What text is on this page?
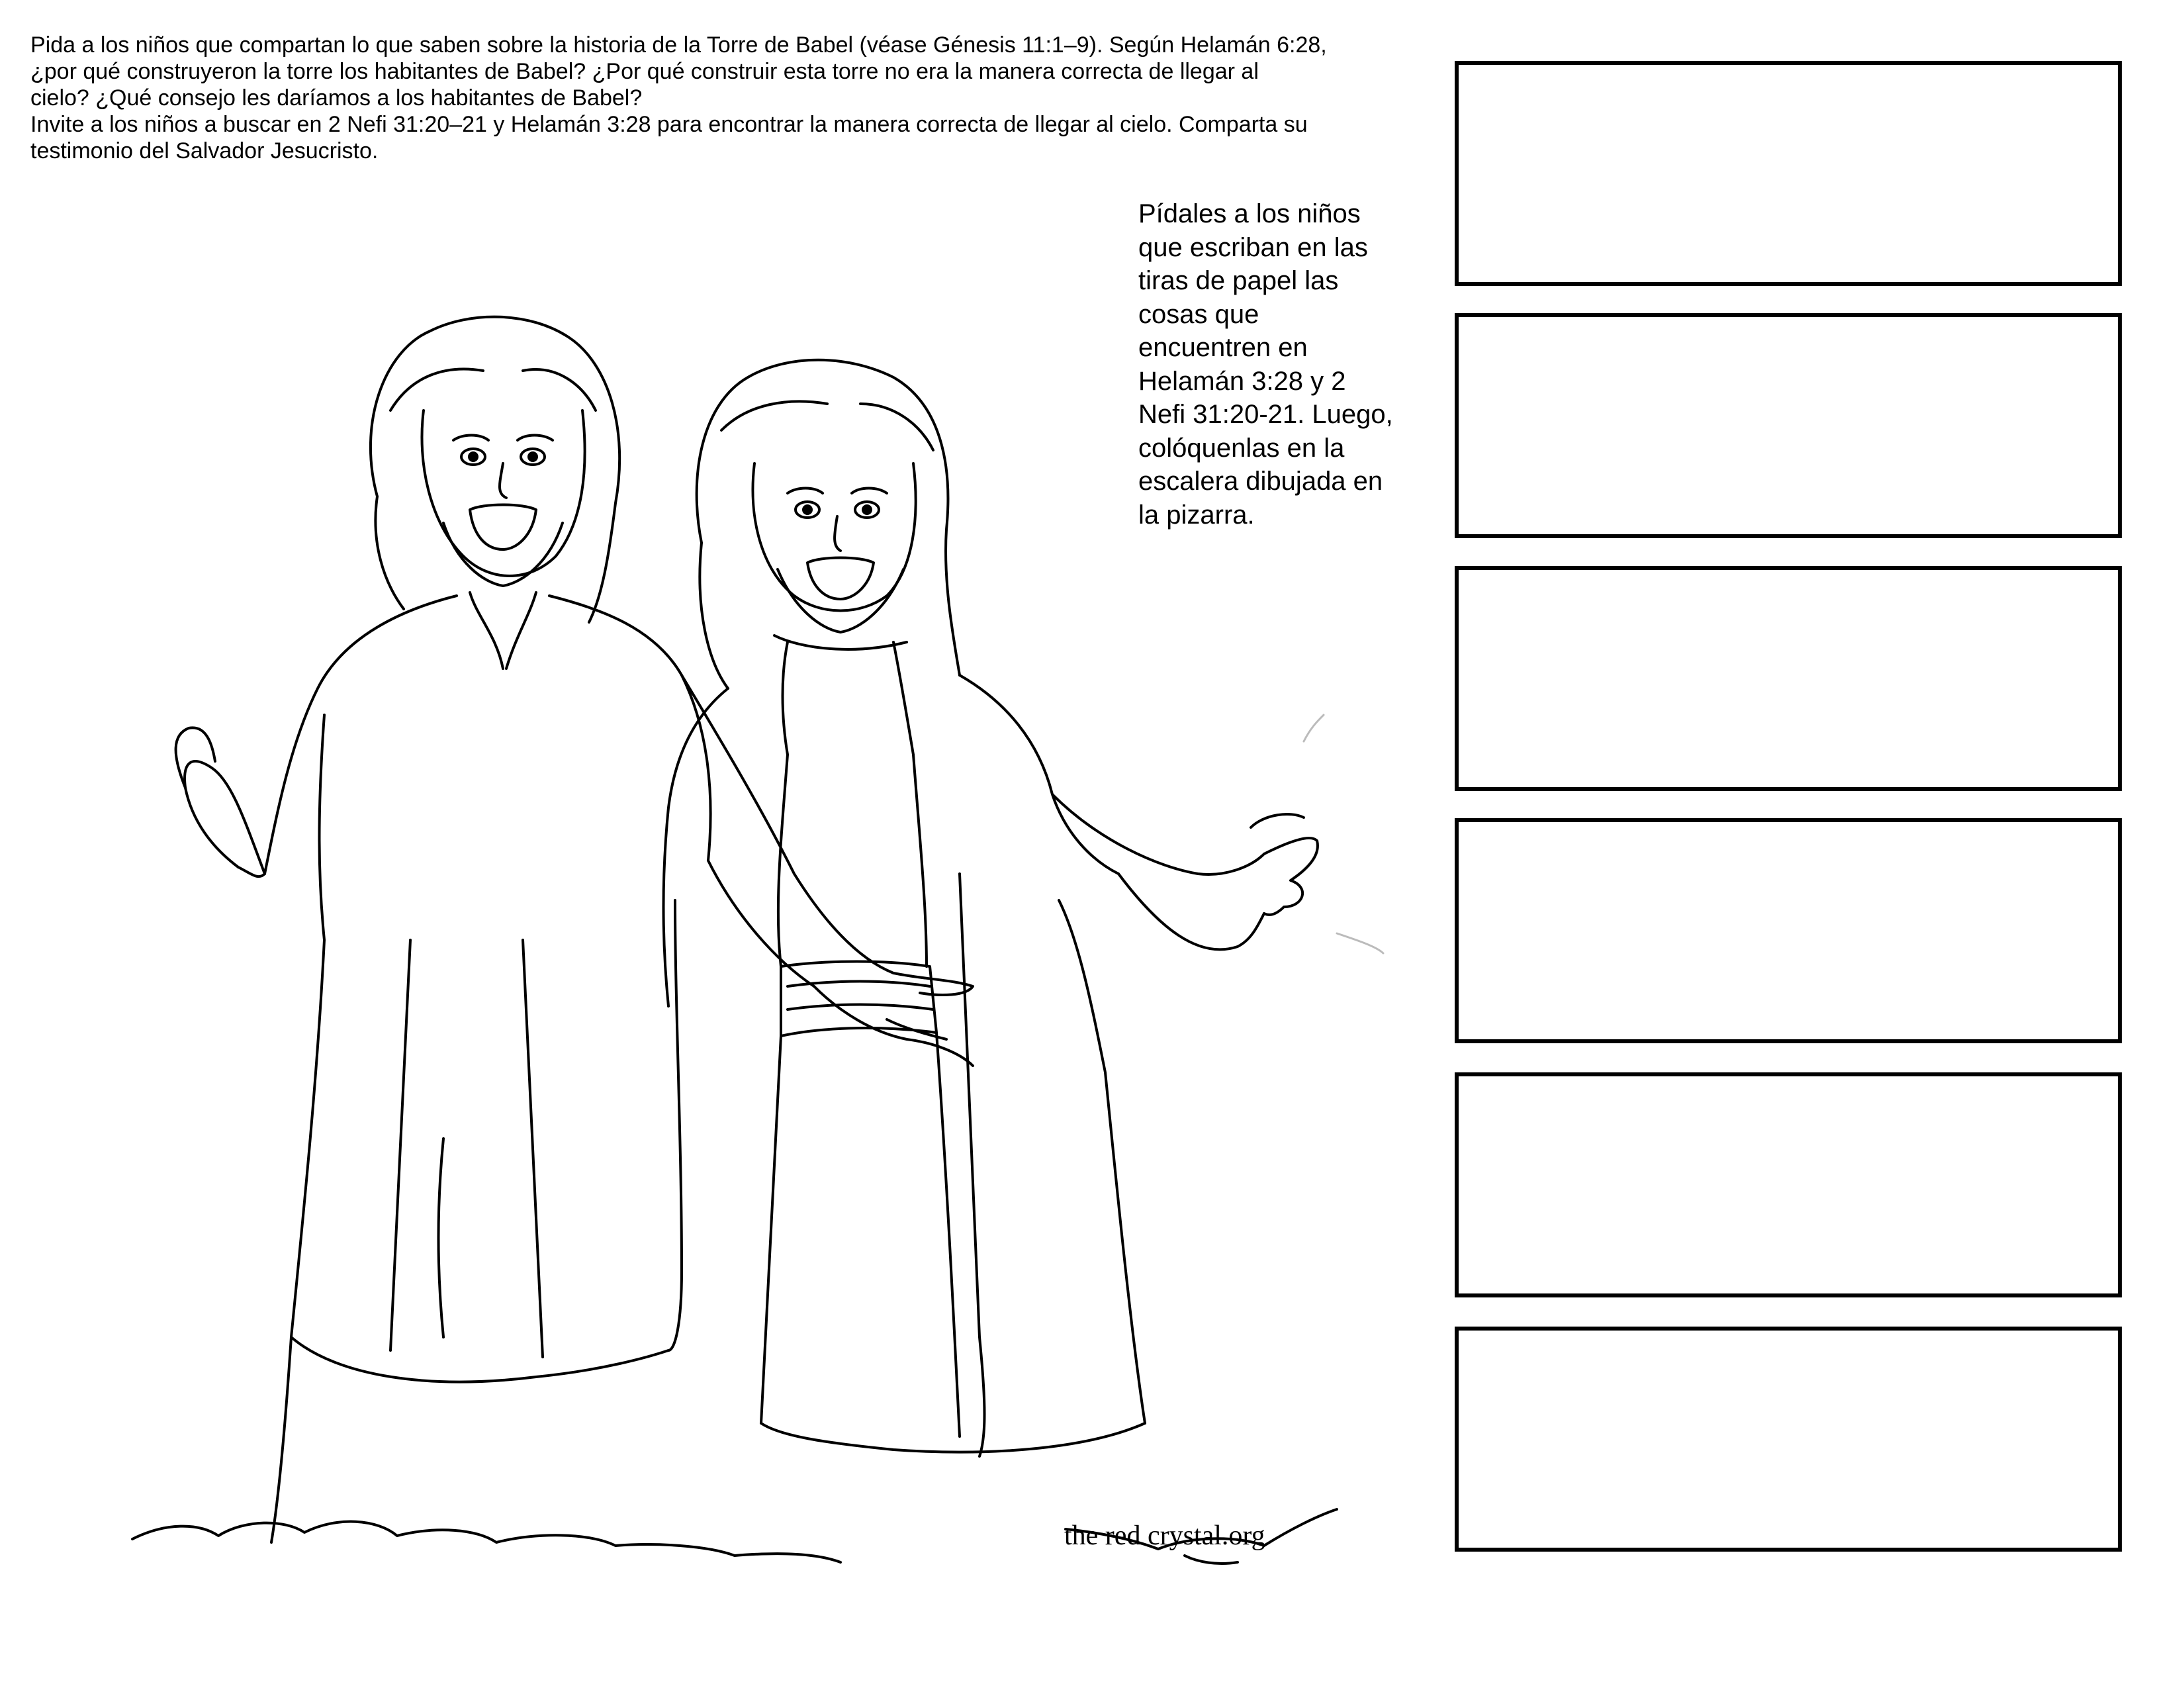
Pida a los niños que compartan lo que saben sobre la historia de la Torre de Babel (véase Génesis 11:1–9). Según Helamán 6:28,
¿por qué construyeron la torre los habitantes de Babel? ¿Por qué construir esta torre no era la manera correcta de llegar al
cielo? ¿Qué consejo les daríamos a los habitantes de Babel?
Invite a los niños a buscar en 2 Nefi 31:20–21 y Helamán 3:28 para encontrar la manera correcta de llegar al cielo. Comparta su
testimonio del Salvador Jesucristo.
Pídales a los niños
que escriban en las
tiras de papel las
cosas que
encuentren en
Helamán 3:28 y 2
Nefi 31:20-21. Luego,
colóquenlas en la
escalera dibujada en
la pizarra.
the red crystal.org
